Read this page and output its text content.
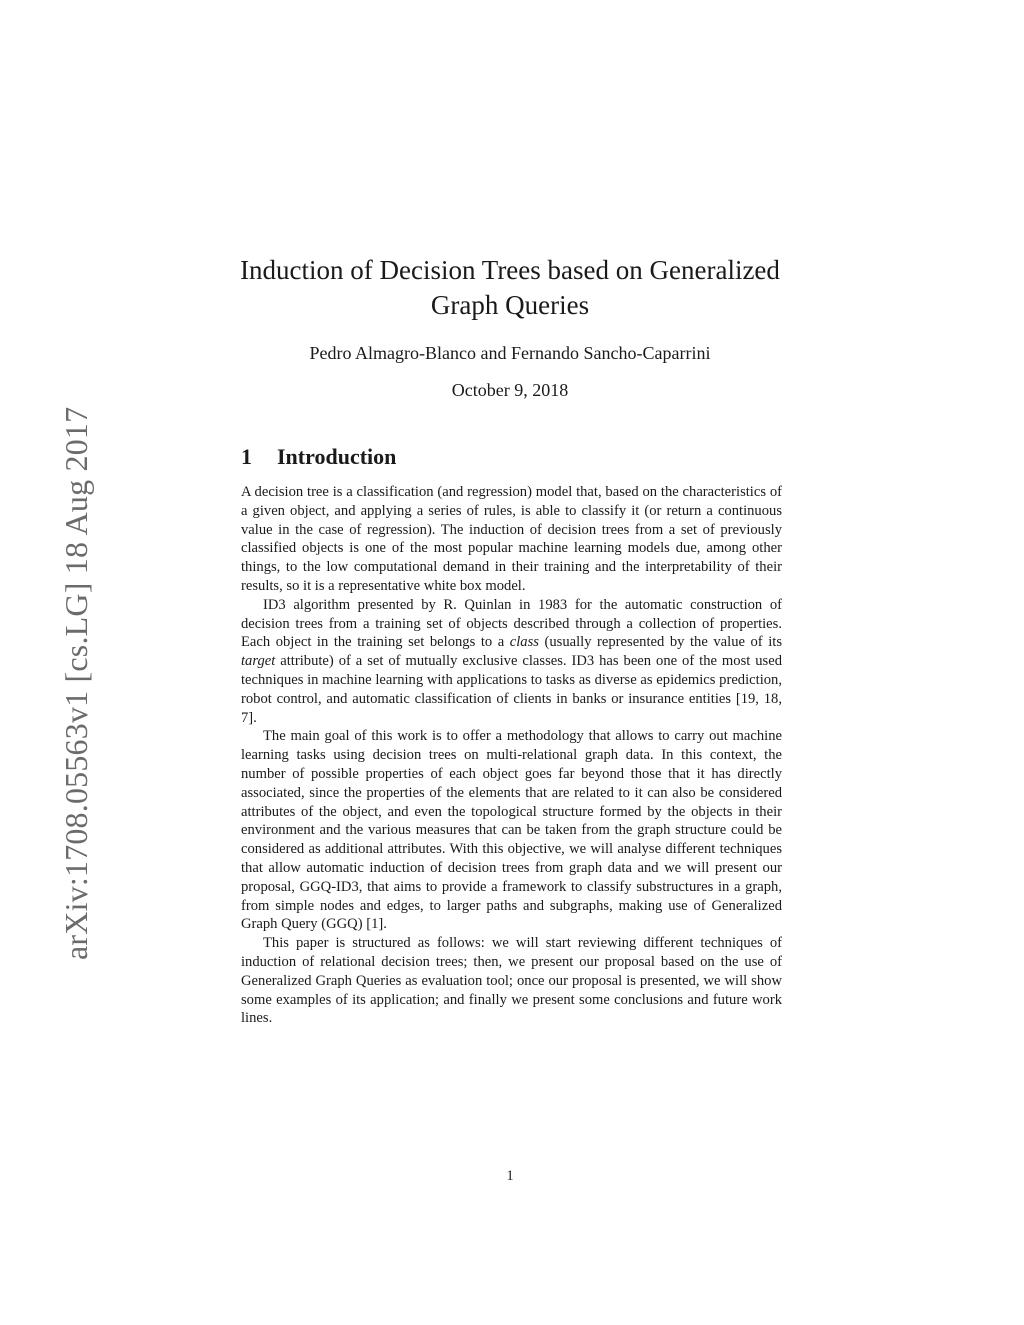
arXiv:1708.05563v1 [cs.LG] 18 Aug 2017
Induction of Decision Trees based on Generalized Graph Queries
Pedro Almagro-Blanco and Fernando Sancho-Caparrini
October 9, 2018
1 Introduction

A decision tree is a classification (and regression) model that, based on the characteristics of a given object, and applying a series of rules, is able to classify it (or return a continuous value in the case of regression). The induction of decision trees from a set of previously classified objects is one of the most popular machine learning models due, among other things, to the low computational demand in their training and the interpretability of their results, so it is a representative white box model.

ID3 algorithm presented by R. Quinlan in 1983 for the automatic construction of decision trees from a training set of objects described through a collection of properties. Each object in the training set belongs to a class (usually represented by the value of its target attribute) of a set of mutually exclusive classes. ID3 has been one of the most used techniques in machine learning with applications to tasks as diverse as epidemics prediction, robot control, and automatic classification of clients in banks or insurance entities [19, 18, 7].

The main goal of this work is to offer a methodology that allows to carry out machine learning tasks using decision trees on multi-relational graph data. In this context, the number of possible properties of each object goes far beyond those that it has directly associated, since the properties of the elements that are related to it can also be considered attributes of the object, and even the topological structure formed by the objects in their environment and the various measures that can be taken from the graph structure could be considered as additional attributes. With this objective, we will analyse different techniques that allow automatic induction of decision trees from graph data and we will present our proposal, GGQ-ID3, that aims to provide a framework to classify substructures in a graph, from simple nodes and edges, to larger paths and subgraphs, making use of Generalized Graph Query (GGQ) [1].

This paper is structured as follows: we will start reviewing different techniques of induction of relational decision trees; then, we present our proposal based on the use of Generalized Graph Queries as evaluation tool; once our proposal is presented, we will show some examples of its application; and finally we present some conclusions and future work lines.

1
